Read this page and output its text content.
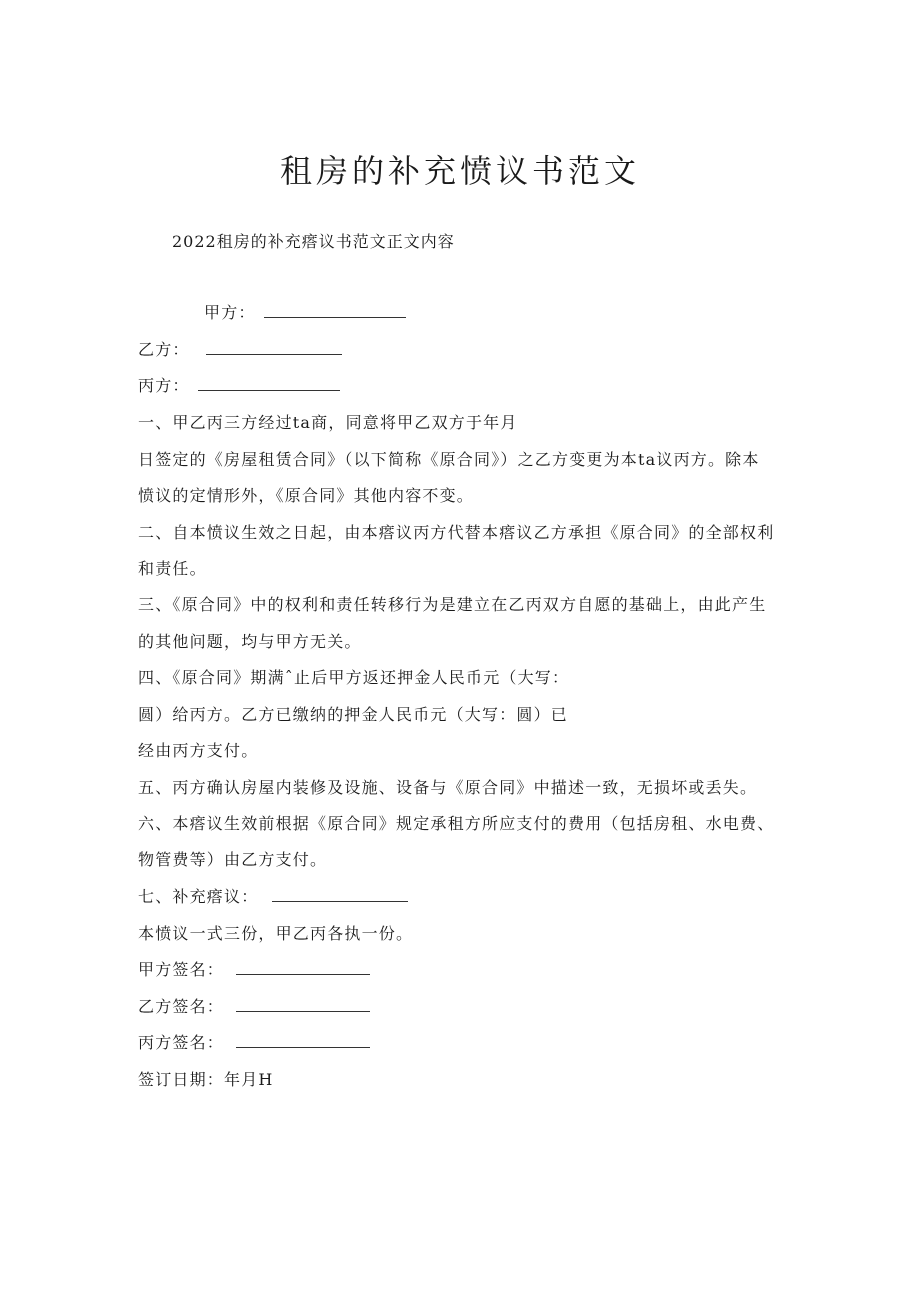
租房的补充愤议书范文
2022租房的补充瘩议书范文正文内容
甲方：
乙方：
丙方：
一、甲乙丙三方经过ta商，同意将甲乙双方于年月
日签定的《房屋租赁合同》（以下简称《原合同》）之乙方变更为本ta议丙方。除本
愤议的定情形外，《原合同》其他内容不变。
二、自本愤议生效之日起，由本瘩议丙方代替本瘩议乙方承担《原合同》的全部权利
和责任。
三、《原合同》中的权利和责任转移行为是建立在乙丙双方自愿的基础上，由此产生
的其他问题，均与甲方无关。
四、《原合同》期满ˆ止后甲方返还押金人民币元（大写：
圆）给丙方。乙方已缴纳的押金人民币元（大写：圆）已
经由丙方支付。
五、丙方确认房屋内装修及设施、设备与《原合同》中描述一致，无损坏或丢失。
六、本瘩议生效前根据《原合同》规定承租方所应支付的费用（包括房租、水电费、
物管费等）由乙方支付。
七、补充瘩议：
本愤议一式三份，甲乙丙各执一份。
甲方签名：
乙方签名：
丙方签名：
签订日期：年月H
